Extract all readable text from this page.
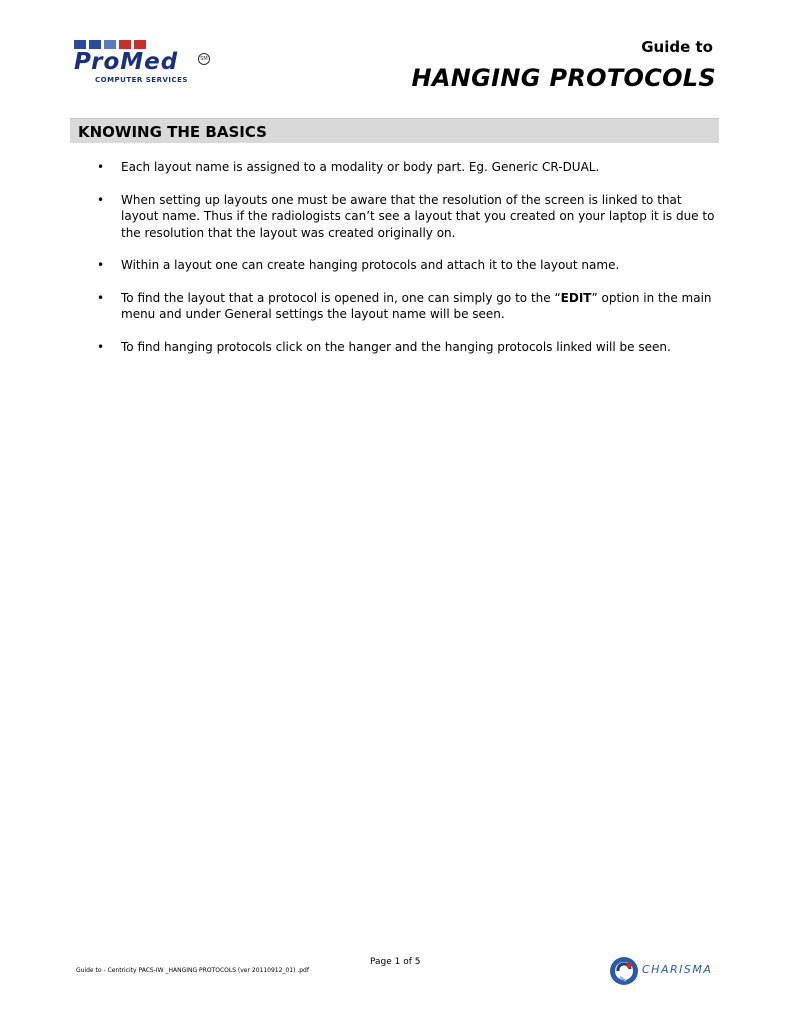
ProMed	SM
COMPUTER SERVICES
Guide to
HANGING PROTOCOLS
KNOWING THE BASICS
• Each layout name is assigned to a modality or body part. Eg. Generic CR-DUAL.
• When setting up layouts one must be aware that the resolution of the screen is linked to that layout name. Thus if the radiologists can’t see a layout that you created on your laptop it is due to the resolution that the layout was created originally on.
• Within a layout one can create hanging protocols and attach it to the layout name.
• To find the layout that a protocol is opened in, one can simply go to the “EDIT” option in the main menu and under General settings the layout name will be seen.
• To find hanging protocols click on the hanger and the hanging protocols linked will be seen.
Page 1 of 5
Guide to - Centricity PACS-IW _HANGING PROTOCOLS (ver 20110912_01) .pdf	CHARISMA
